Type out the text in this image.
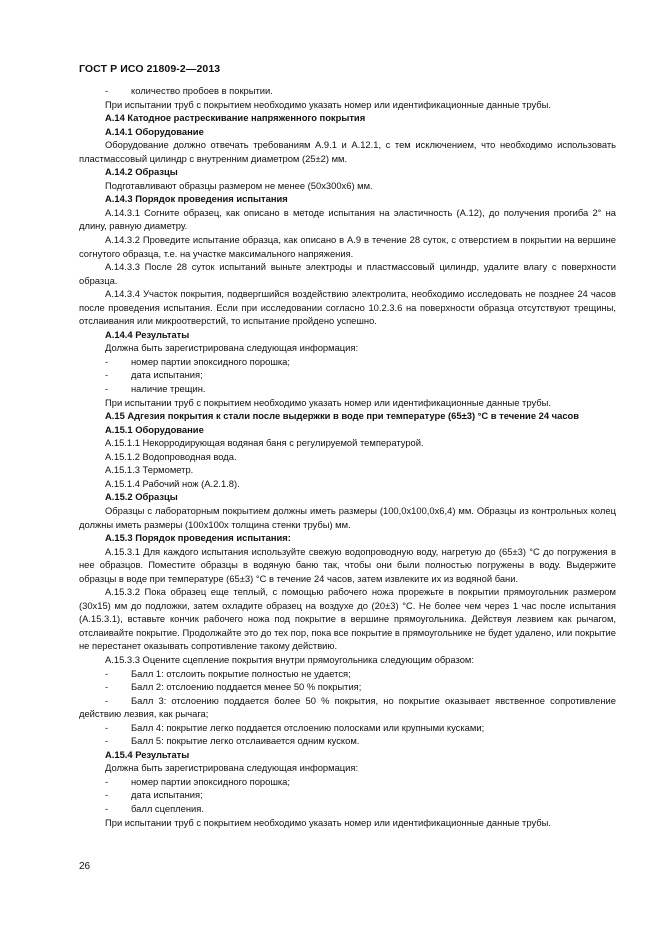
ГОСТ Р ИСО 21809-2—2013
-	количество пробоев в покрытии.
При испытании труб с покрытием необходимо указать номер или идентификационные данные трубы.
A.14 Катодное растрескивание напряженного покрытия
A.14.1 Оборудование
Оборудование должно отвечать требованиям А.9.1 и А.12.1, с тем исключением, что необходимо использовать пластмассовый цилиндр с внутренним диаметром (25±2) мм.
A.14.2 Образцы
Подготавливают образцы размером не менее (50x300x6) мм.
A.14.3 Порядок проведения испытания
A.14.3.1 Согните образец, как описано в методе испытания на эластичность (А.12), до получения прогиба 2° на длину, равную диаметру.
A.14.3.2 Проведите испытание образца, как описано в А.9 в течение 28 суток, с отверстием в покрытии на вершине согнутого образца, т.е. на участке максимального напряжения.
A.14.3.3 После 28 суток испытаний выньте электроды и пластмассовый цилиндр, удалите влагу с поверхности образца.
A.14.3.4 Участок покрытия, подвергшийся воздействию электролита, необходимо исследовать не позднее 24 часов после проведения испытания. Если при исследовании согласно 10.2.3.6 на поверхности образца отсутствуют трещины, отслаивания или микроотверстий, то испытание пройдено успешно.
A.14.4 Результаты
Должна быть зарегистрирована следующая информация:
-	номер партии эпоксидного порошка;
-	дата испытания;
-	наличие трещин.
При испытании труб с покрытием необходимо указать номер или идентификационные данные трубы.
A.15 Адгезия покрытия к стали после выдержки в воде при температуре (65±3) °C в течение 24 часов
A.15.1 Оборудование
A.15.1.1 Некорродирующая водяная баня с регулируемой температурой.
A.15.1.2 Водопроводная вода.
A.15.1.3 Термометр.
A.15.1.4 Рабочий нож (А.2.1.8).
A.15.2 Образцы
Образцы с лабораторным покрытием должны иметь размеры (100,0x100,0x6,4) мм. Образцы из контрольных колец должны иметь размеры (100x100x толщина стенки трубы) мм.
A.15.3 Порядок проведения испытания:
A.15.3.1 Для каждого испытания используйте свежую водопроводную воду, нагретую до (65±3) °C до погружения в нее образцов. Поместите образцы в водяную баню так, чтобы они были полностью погружены в воду. Выдержите образцы в воде при температуре (65±3) °C в течение 24 часов, затем извлеките их из водяной бани.
A.15.3.2 Пока образец еще теплый, с помощью рабочего ножа прорежьте в покрытии прямоугольник размером (30x15) мм до подложки, затем охладите образец на воздухе до (20±3) °C. Не более чем через 1 час после испытания (А.15.3.1), вставьте кончик рабочего ножа под покрытие в вершине прямоугольника. Действуя лезвием как рычагом, отслаивайте покрытие. Продолжайте это до тех пор, пока все покрытие в прямоугольнике не будет удалено, или покрытие не перестанет оказывать сопротивление такому действию.
A.15.3.3 Оцените сцепление покрытия внутри прямоугольника следующим образом:
-	Балл 1: отслоить покрытие полностью не удается;
-	Балл 2: отслоению поддается менее 50 % покрытия;
- Балл 3: отслоению поддается более 50 % покрытия, но покрытие оказывает явственное сопротивление действию лезвия, как рычага;
-	Балл 4: покрытие легко поддается отслоению полосками или крупными кусками;
-	Балл 5: покрытие легко отслаивается одним куском.
A.15.4 Результаты
Должна быть зарегистрирована следующая информация:
-	номер партии эпоксидного порошка;
-	дата испытания;
-	балл сцепления.
При испытании труб с покрытием необходимо указать номер или идентификационные данные трубы.
26
